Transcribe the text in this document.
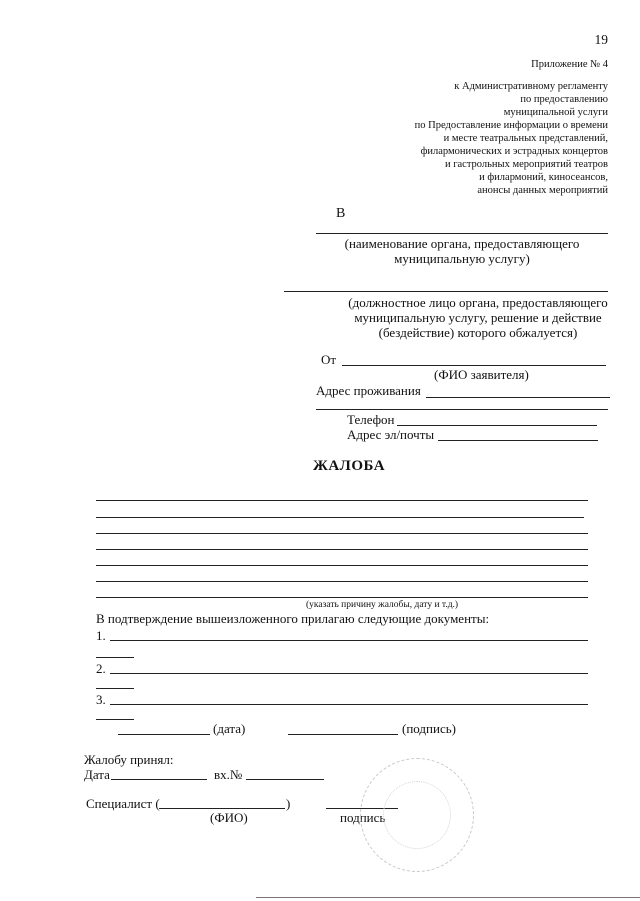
19
Приложение № 4
к Административному регламенту
по предоставлению
муниципальной услуги
по Предоставление информации о времени
и месте театральных представлений,
филармонических и эстрадных концертов
и гастрольных мероприятий театров
и филармоний, киносеансов,
анонсы данных мероприятий
В
(наименование органа, предоставляющего
муниципальную услугу)
(должностное лицо органа, предоставляющего
муниципальную услугу, решение и действие
(бездействие) которого обжалуется)
От
(ФИО заявителя)
Адрес проживания
Телефон
Адрес эл/почты
ЖАЛОБА
(указать причину жалобы, дату и т.д.)
В подтверждение вышеизложенного прилагаю следующие документы:
1.
2.
3.
(дата)	(подпись)
Жалобу принял:
Дата	вх.№
Специалист (	)
(ФИО)	подпись
